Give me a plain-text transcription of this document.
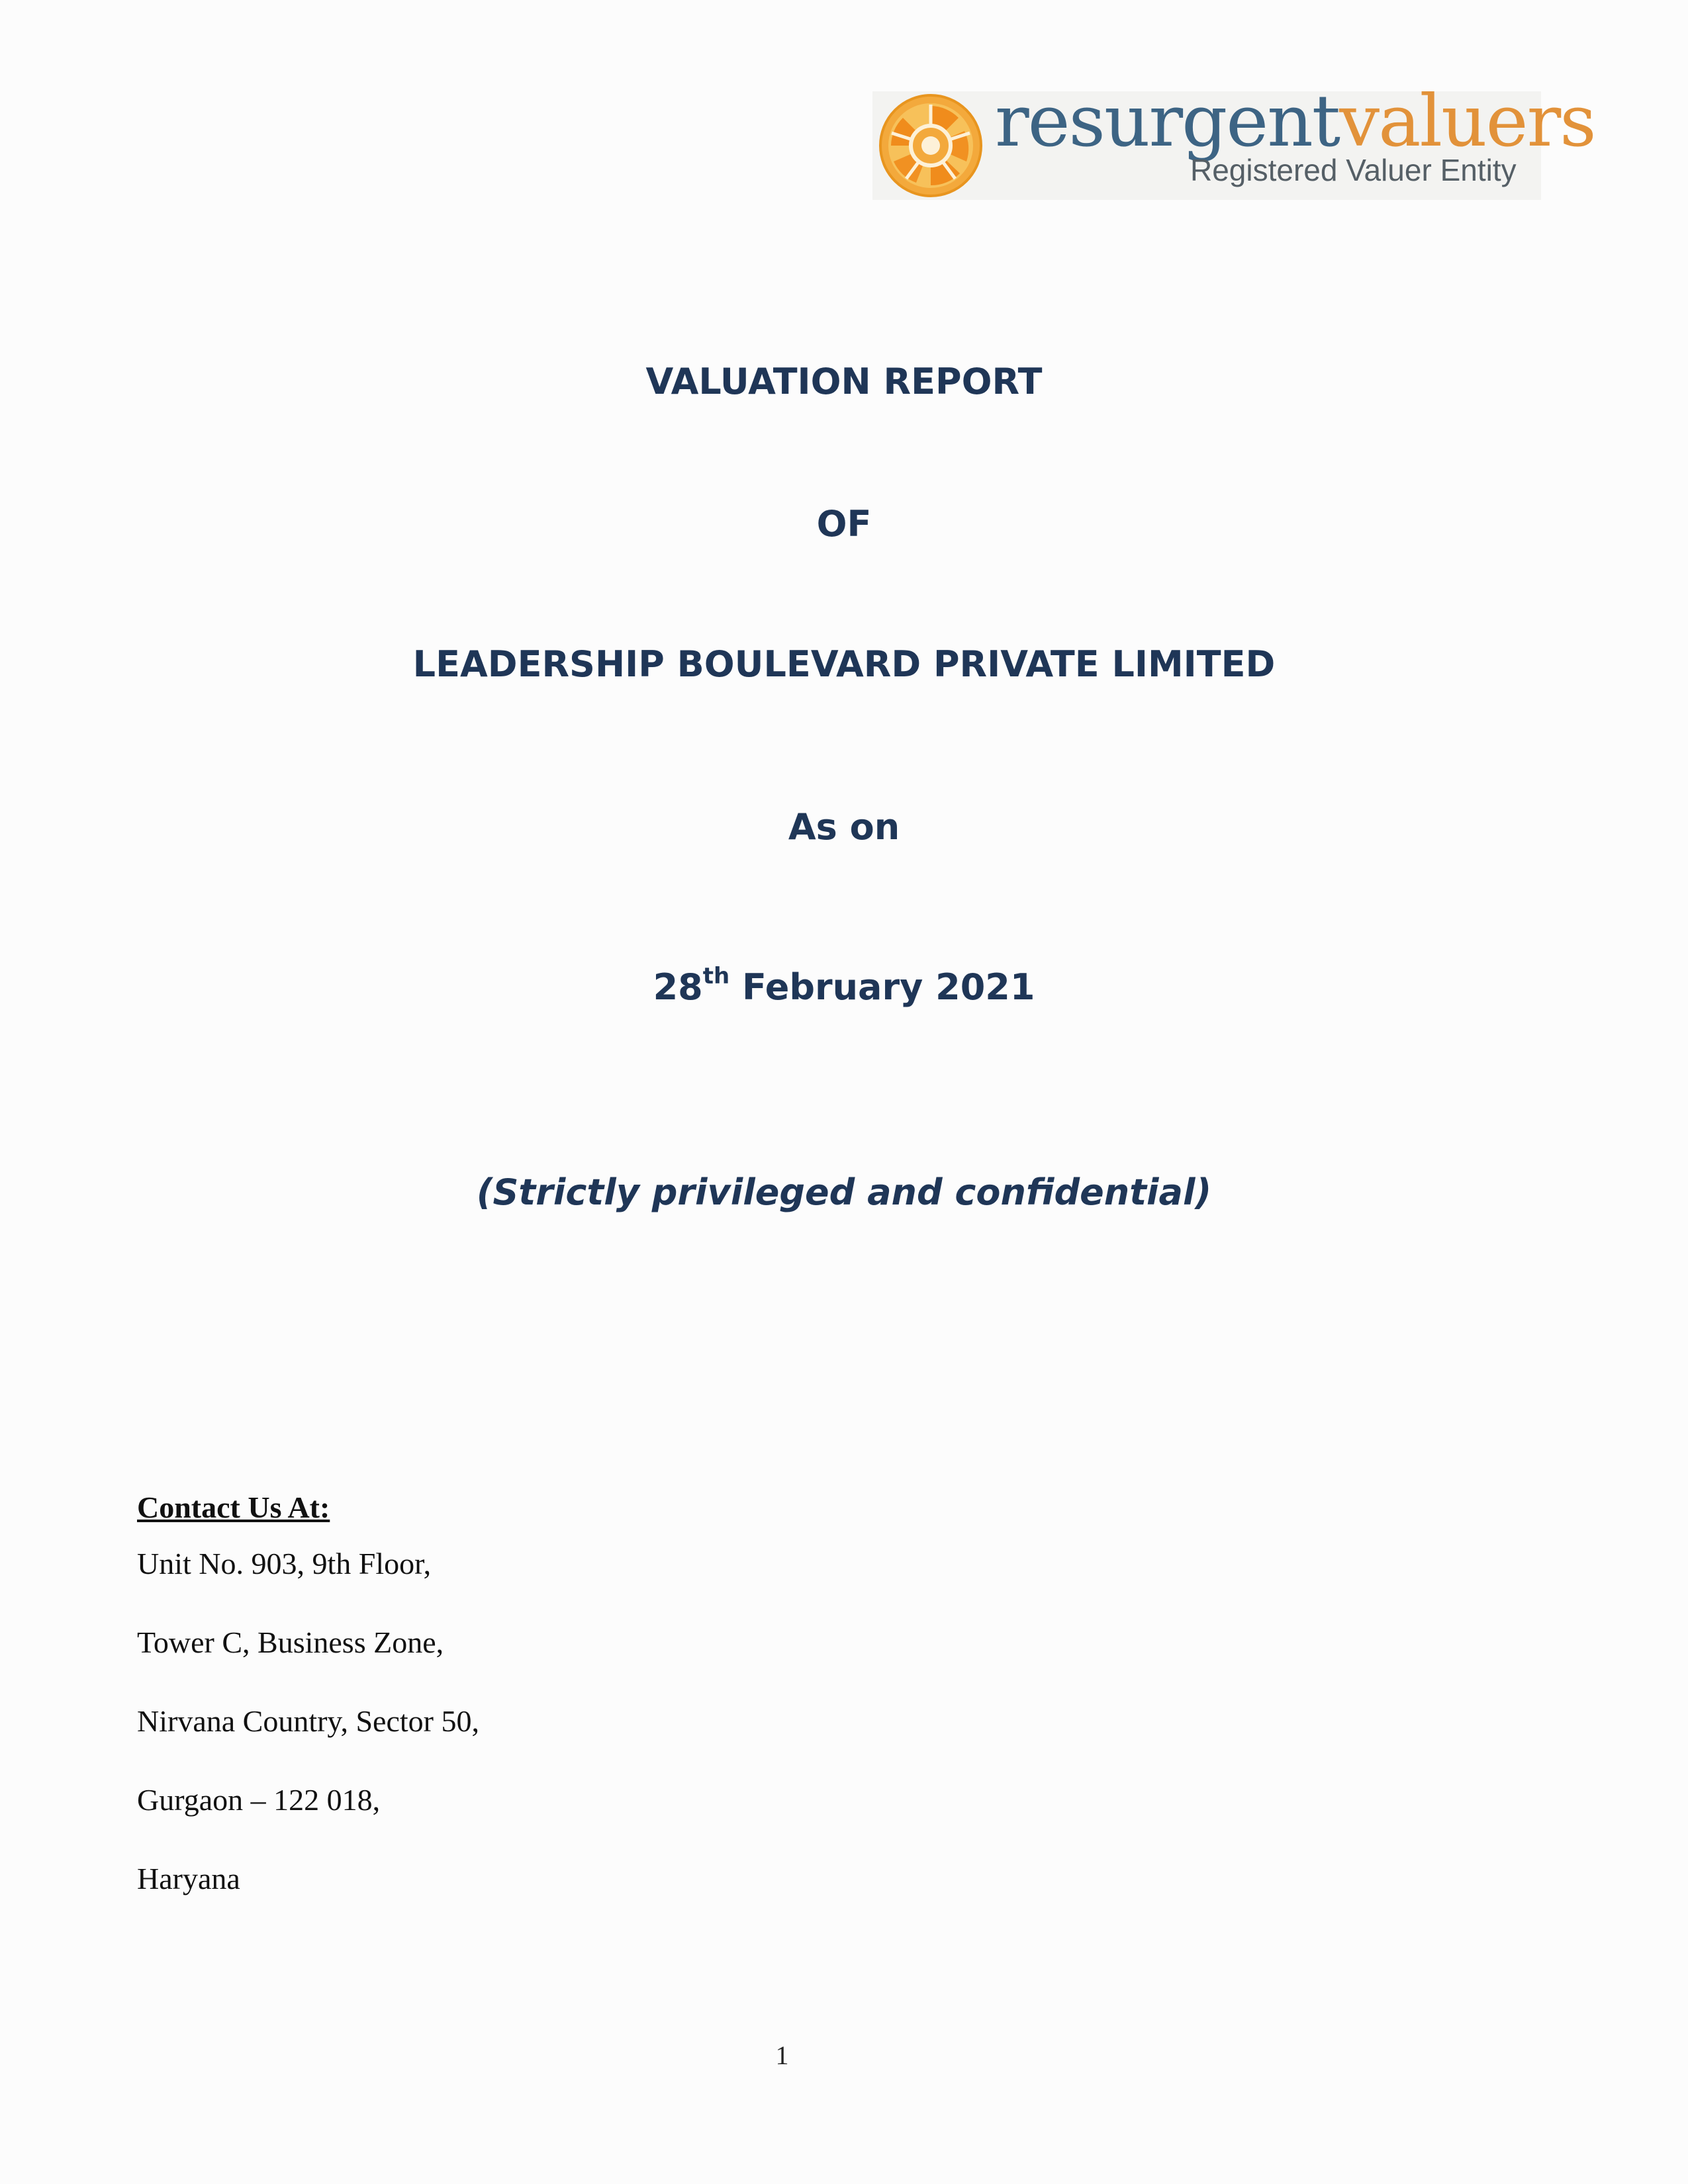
resurgentvaluers
Registered Valuer Entity
VALUATION REPORT
OF
LEADERSHIP BOULEVARD PRIVATE LIMITED
As on
28th February 2021
(Strictly privileged and confidential)
Contact Us At:
Unit No. 903, 9th Floor,
Tower C, Business Zone,
Nirvana Country, Sector 50,
Gurgaon – 122 018,
Haryana
1
